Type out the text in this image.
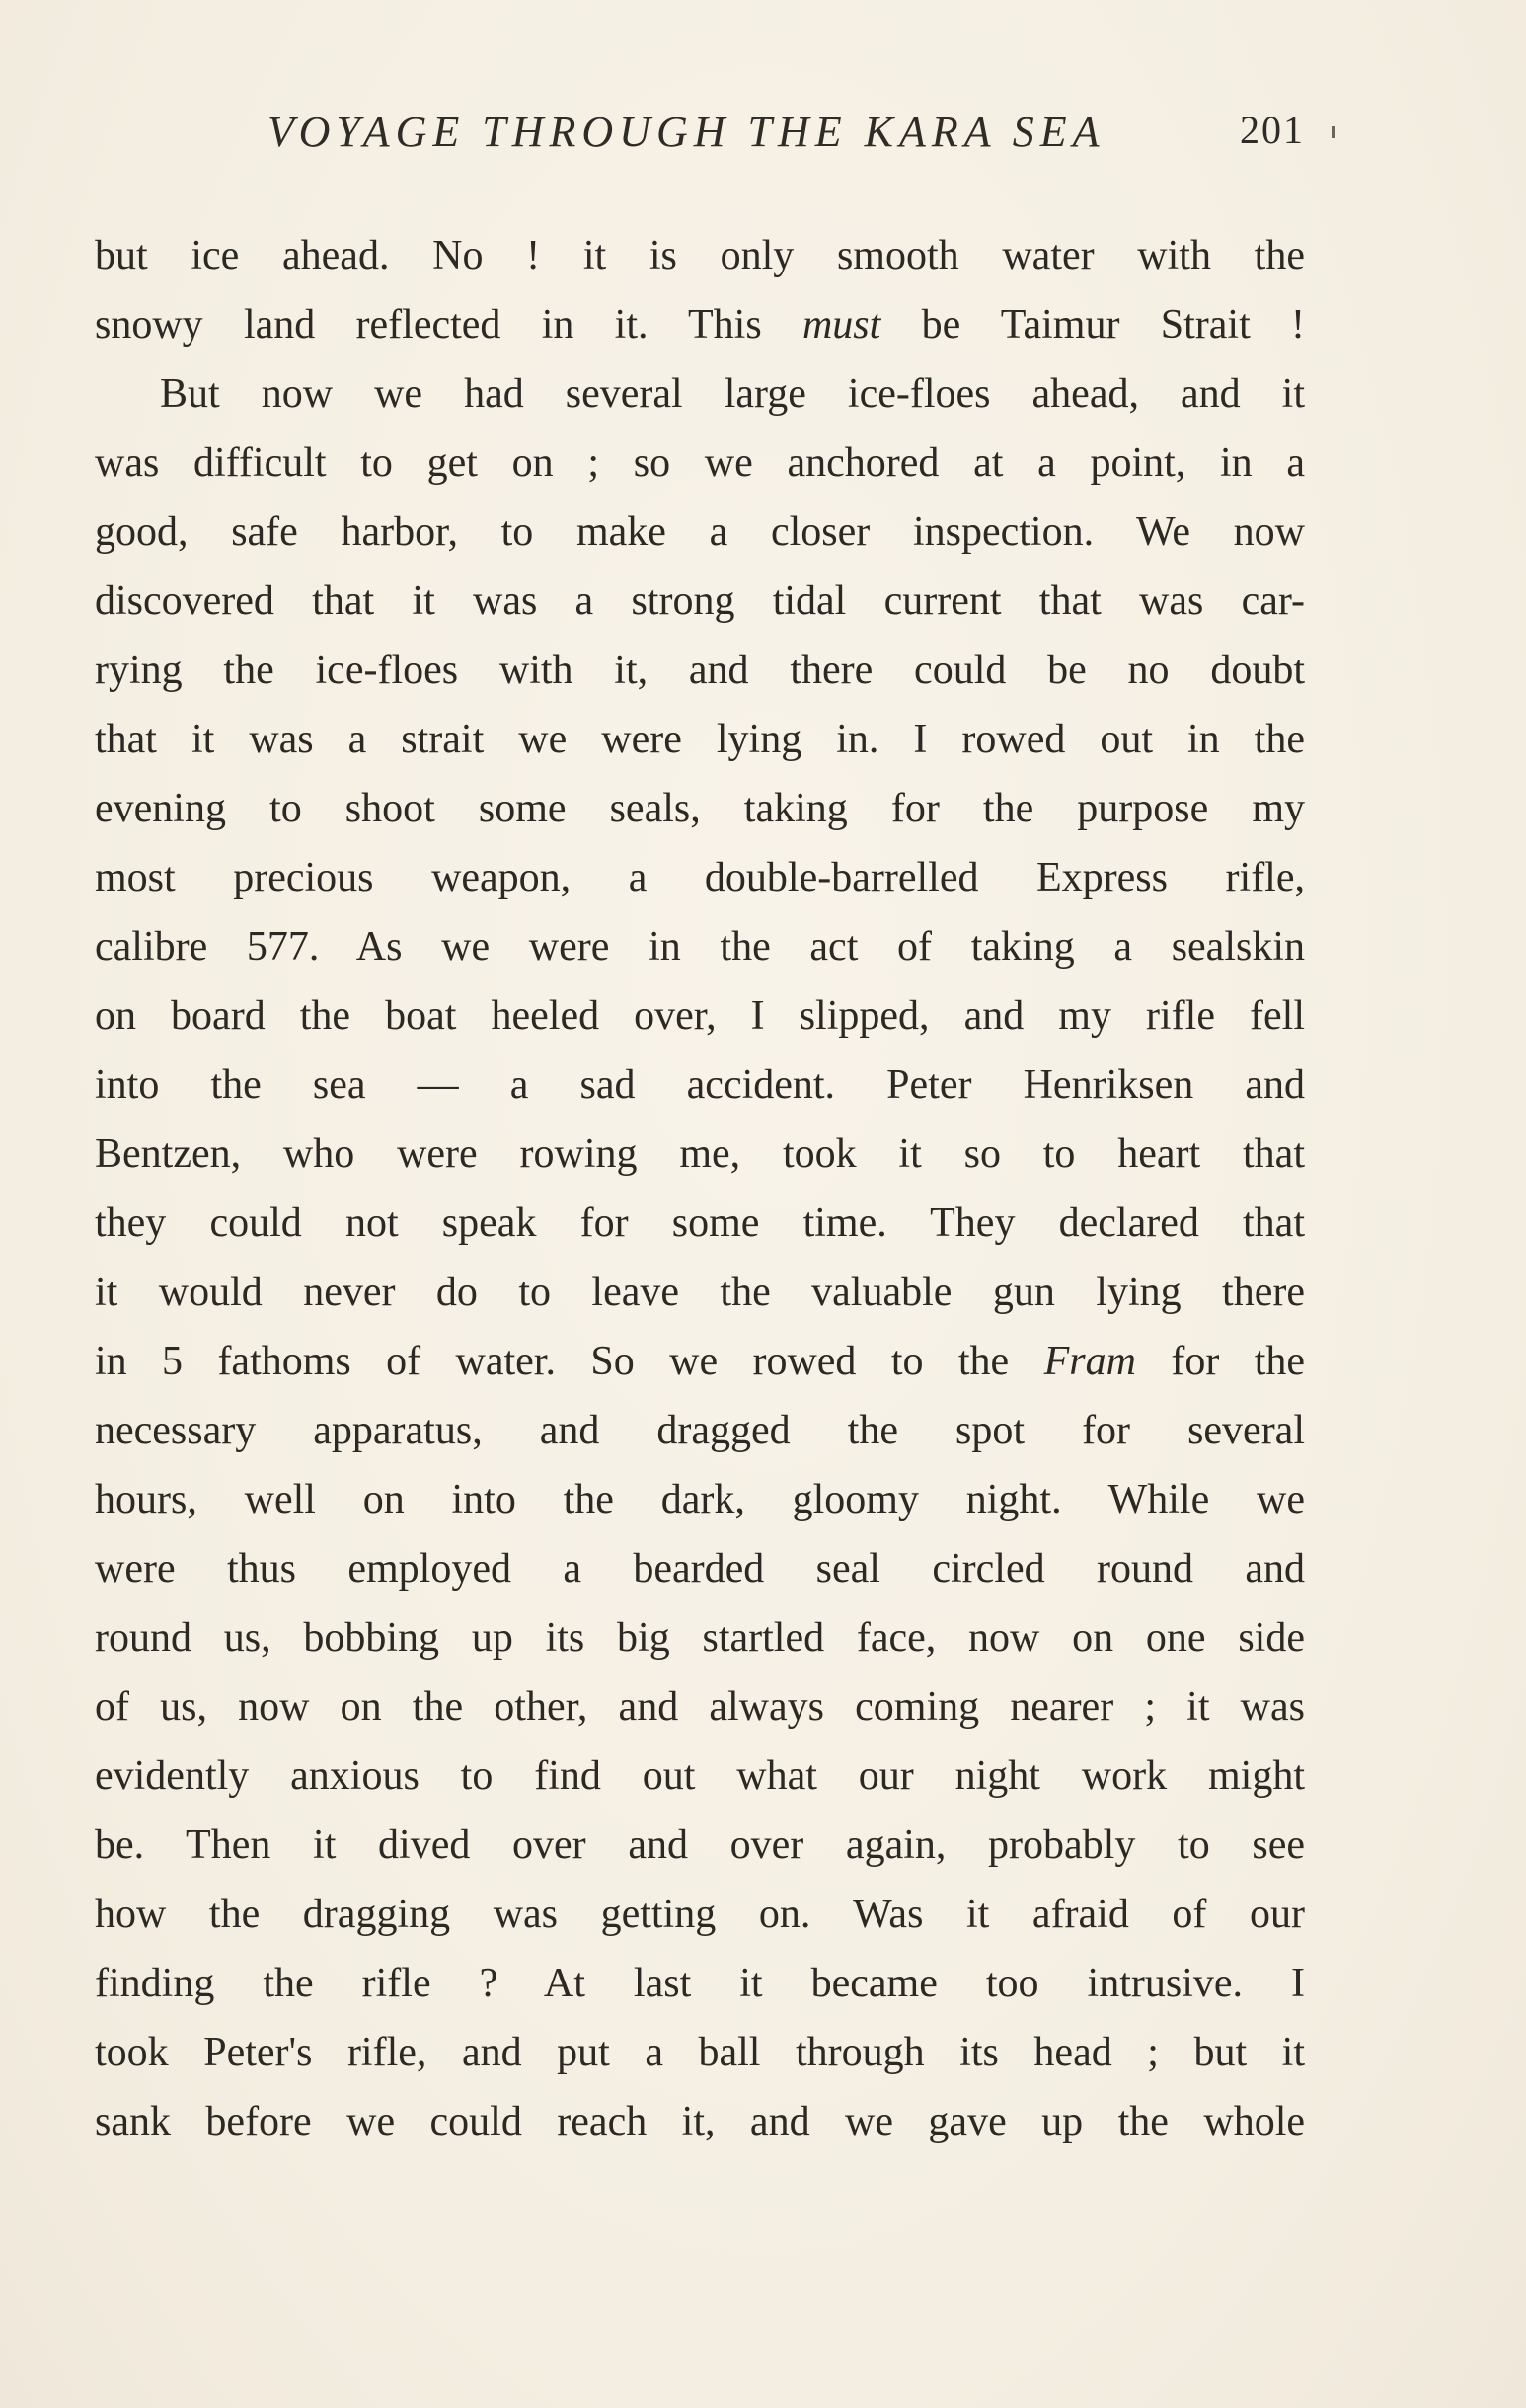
VOYAGE THROUGH THE KARA SEA	201
but ice ahead. No ! it is only smooth water with the
snowy land reflected in it. This must be Taimur Strait !
But now we had several large ice-floes ahead, and it
was difficult to get on ; so we anchored at a point, in a
good, safe harbor, to make a closer inspection. We now
discovered that it was a strong tidal current that was car-
rying the ice-floes with it, and there could be no doubt
that it was a strait we were lying in. I rowed out in the
evening to shoot some seals, taking for the purpose my
most precious weapon, a double-barrelled Express rifle,
calibre 577. As we were in the act of taking a sealskin
on board the boat heeled over, I slipped, and my rifle fell
into the sea — a sad accident. Peter Henriksen and
Bentzen, who were rowing me, took it so to heart that
they could not speak for some time. They declared that
it would never do to leave the valuable gun lying there
in 5 fathoms of water. So we rowed to the Fram for the
necessary apparatus, and dragged the spot for several
hours, well on into the dark, gloomy night. While we
were thus employed a bearded seal circled round and
round us, bobbing up its big startled face, now on one side
of us, now on the other, and always coming nearer ; it was
evidently anxious to find out what our night work might
be. Then it dived over and over again, probably to see
how the dragging was getting on. Was it afraid of our
finding the rifle ? At last it became too intrusive. I
took Peter's rifle, and put a ball through its head ; but it
sank before we could reach it, and we gave up the whole
